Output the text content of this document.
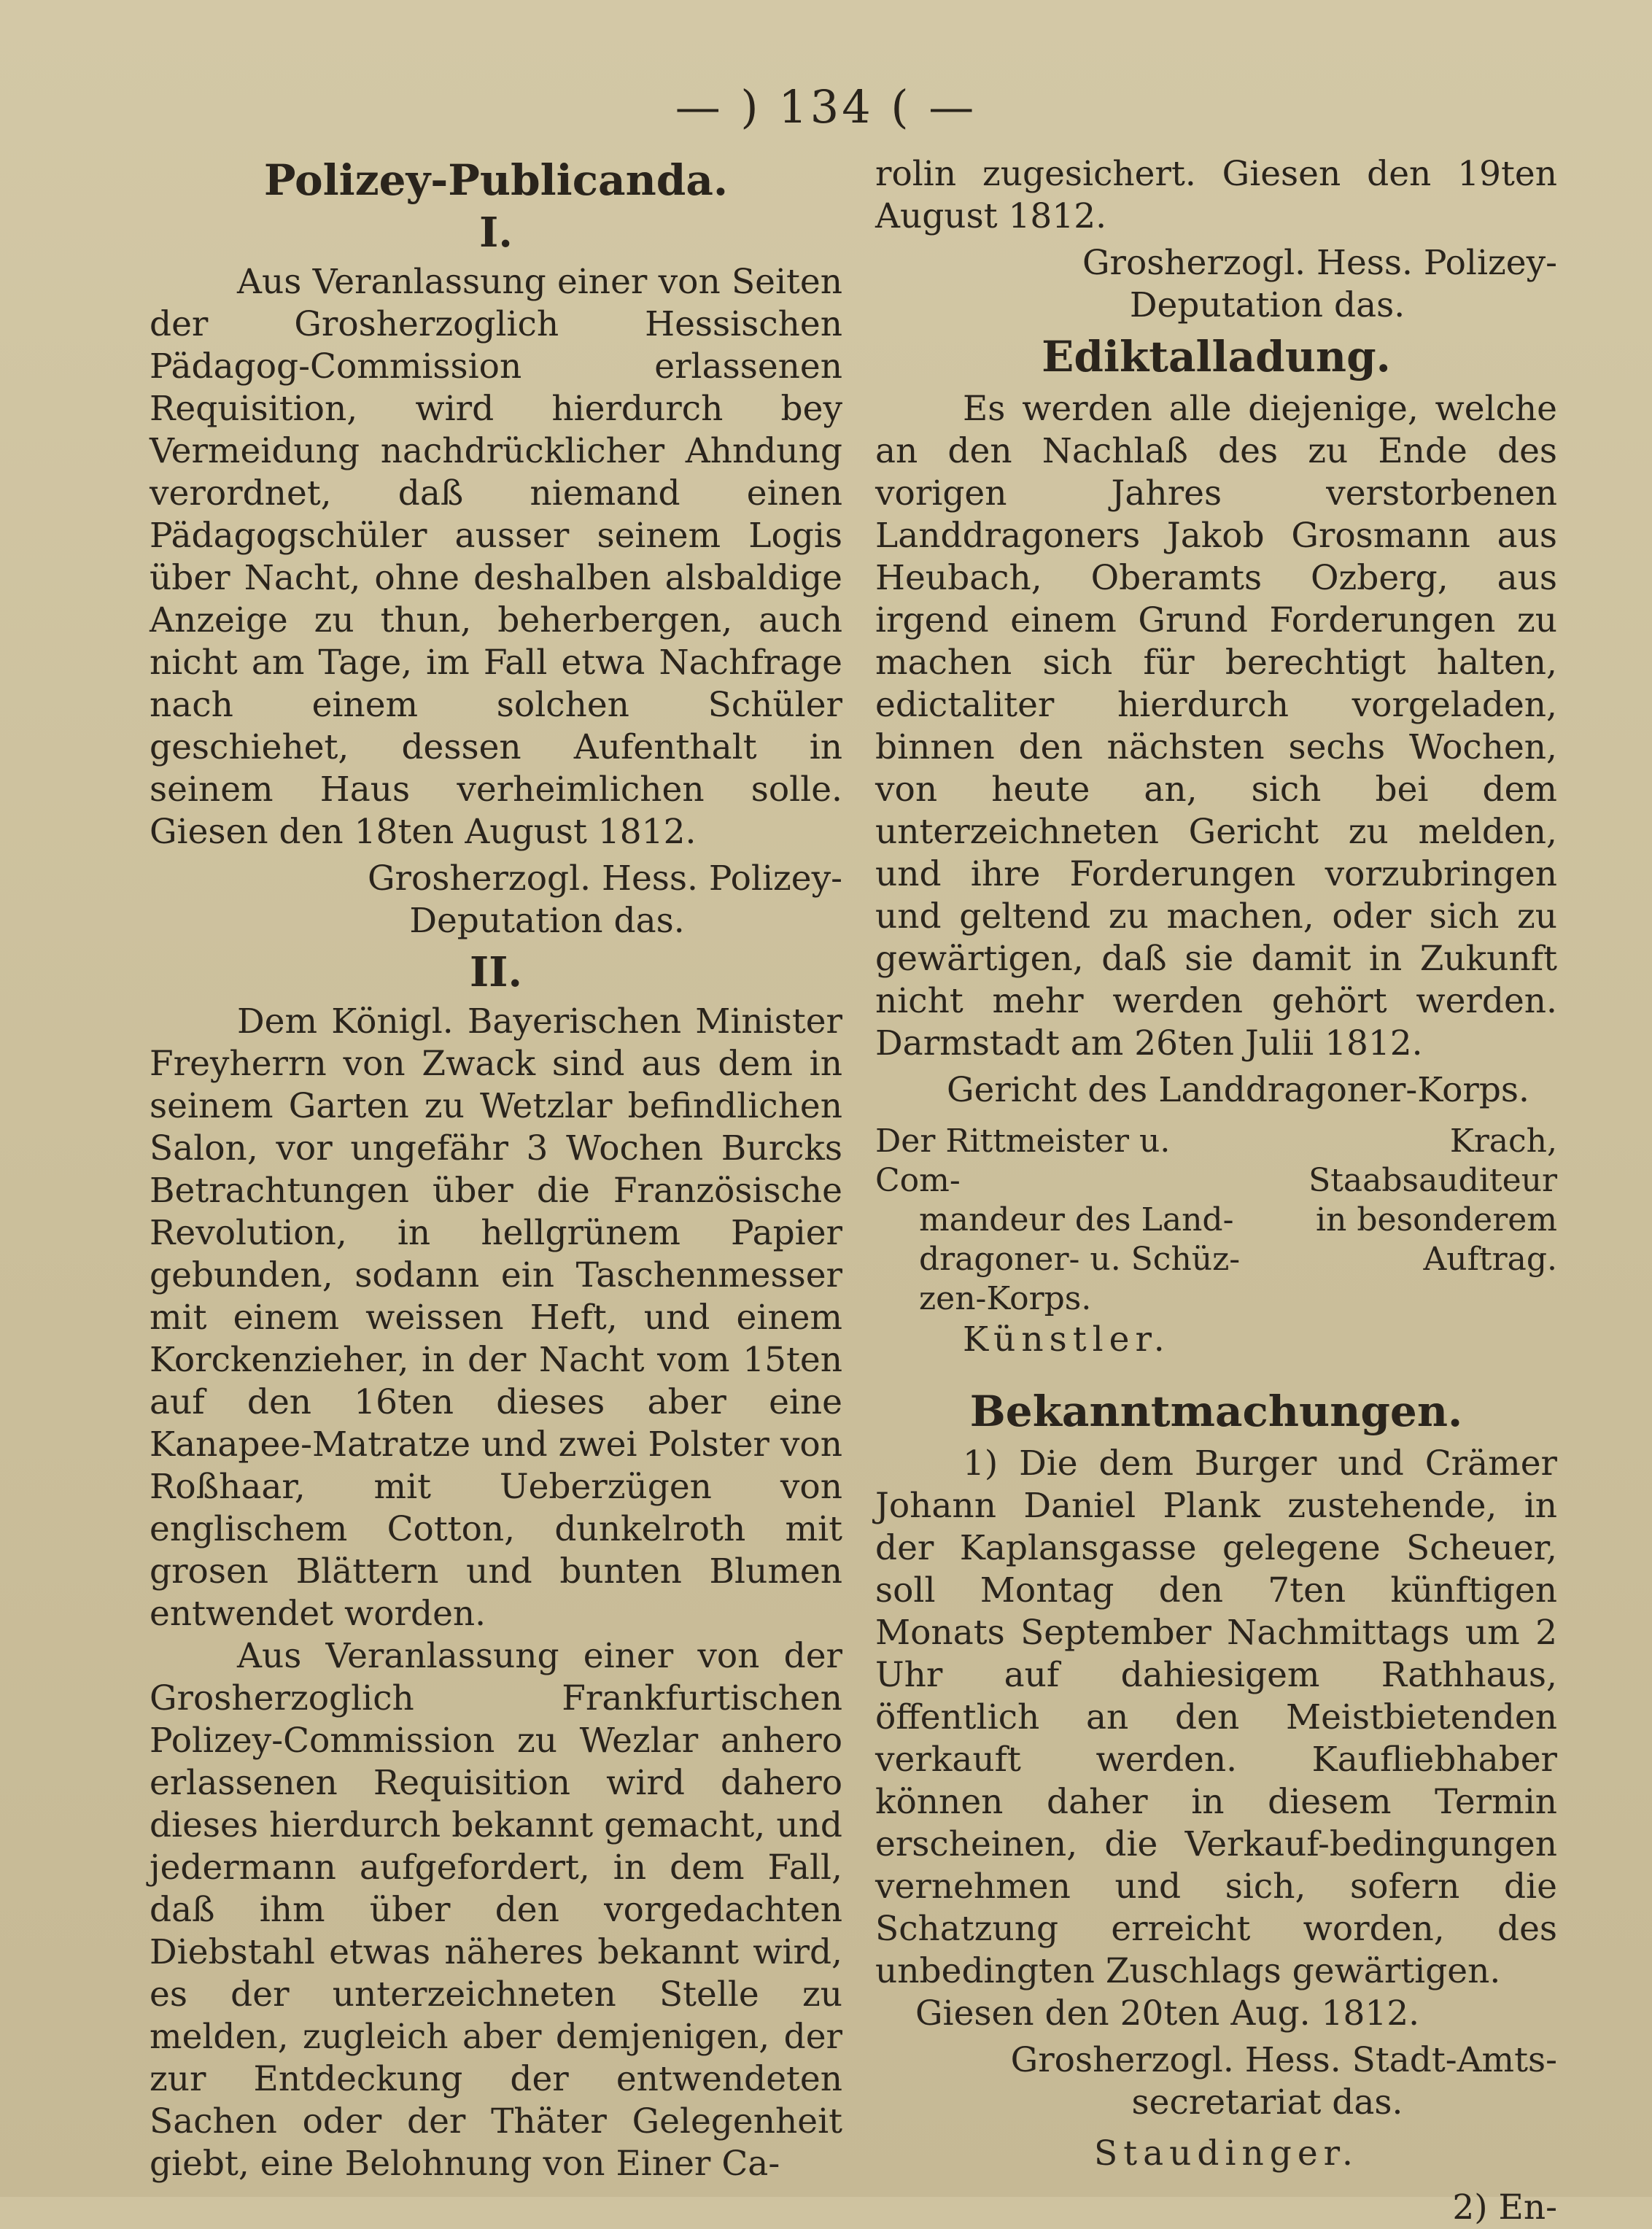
— ) 134 ( —
Polizey-Publicanda.
I.

Aus Veranlassung einer von Seiten der Grosherzoglich Hessischen Pädagog-Commission erlassenen Requisition, wird hierdurch bey Vermeidung nachdrücklicher Ahndung verordnet, daß niemand einen Pädagogschüler ausser seinem Logis über Nacht, ohne deshalben alsbaldige Anzeige zu thun, beherbergen, auch nicht am Tage, im Fall etwa Nachfrage nach einem solchen Schüler geschiehet, dessen Aufenthalt in seinem Haus verheimlichen solle. Giesen den 18ten August 1812.

Grosherzogl. Hess. Polizey-
Deputation das.
II.

Dem Königl. Bayerischen Minister Freyherrn von Zwack sind aus dem in seinem Garten zu Wetzlar befindlichen Salon, vor ungefähr 3 Wochen Burcks Betrachtungen über die Französische Revolution, in hellgrünem Papier gebunden, sodann ein Taschenmesser mit einem weissen Heft, und einem Korckenzieher, in der Nacht vom 15ten auf den 16ten dieses aber eine Kanapee-Matratze und zwei Polster von Roßhaar, mit Ueberzügen von englischem Cotton, dunkelroth mit grosen Blättern und bunten Blumen entwendet worden.

Aus Veranlassung einer von der Grosherzoglich Frankfurtischen Polizey-Commission zu Wezlar anhero erlassenen Requisition wird dahero dieses hierdurch bekannt gemacht, und jedermann aufgefordert, in dem Fall, daß ihm über den vorgedachten Diebstahl etwas näheres bekannt wird, es der unterzeichneten Stelle zu melden, zugleich aber demjenigen, der zur Entdeckung der entwendeten Sachen oder der Thäter Gelegenheit giebt, eine Belohnung von Einer Ca-

rolin zugesichert. Giesen den 19ten August 1812.

Grosherzogl. Hess. Polizey-
Deputation das.
Ediktalladung.

Es werden alle diejenige, welche an den Nachlaß des zu Ende des vorigen Jahres verstorbenen Landdragoners Jakob Grosmann aus Heubach, Oberamts Ozberg, aus irgend einem Grund Forderungen zu machen sich für berechtigt halten, edictaliter hierdurch vorgeladen, binnen den nächsten sechs Wochen, von heute an, sich bei dem unterzeichneten Gericht zu melden, und ihre Forderungen vorzubringen und geltend zu machen, oder sich zu gewärtigen, daß sie damit in Zukunft nicht mehr werden gehört werden. Darmstadt am 26ten Julii 1812.

Gericht des Landdragoner-Korps.
Der Rittmeister u. Com-
mandeur des Land-
dragoner- u. Schüz-
zen-Korps.
Krach,
Staabsauditeur
in besonderem
Auftrag.
Künstler.
Bekanntmachungen.

1) Die dem Burger und Crämer Johann Daniel Plank zustehende, in der Kaplansgasse gelegene Scheuer, soll Montag den 7ten künftigen Monats September Nachmittags um 2 Uhr auf dahiesigem Rathhaus, öffentlich an den Meistbietenden verkauft werden. Kaufliebhaber können daher in diesem Termin erscheinen, die Verkauf-bedingungen vernehmen und sich, sofern die Schatzung erreicht worden, des unbedingten Zuschlags gewärtigen.

Giesen den 20ten Aug. 1812.
Grosherzogl. Hess. Stadt-Amts-
secretariat das.
Staudinger.
2) En-
